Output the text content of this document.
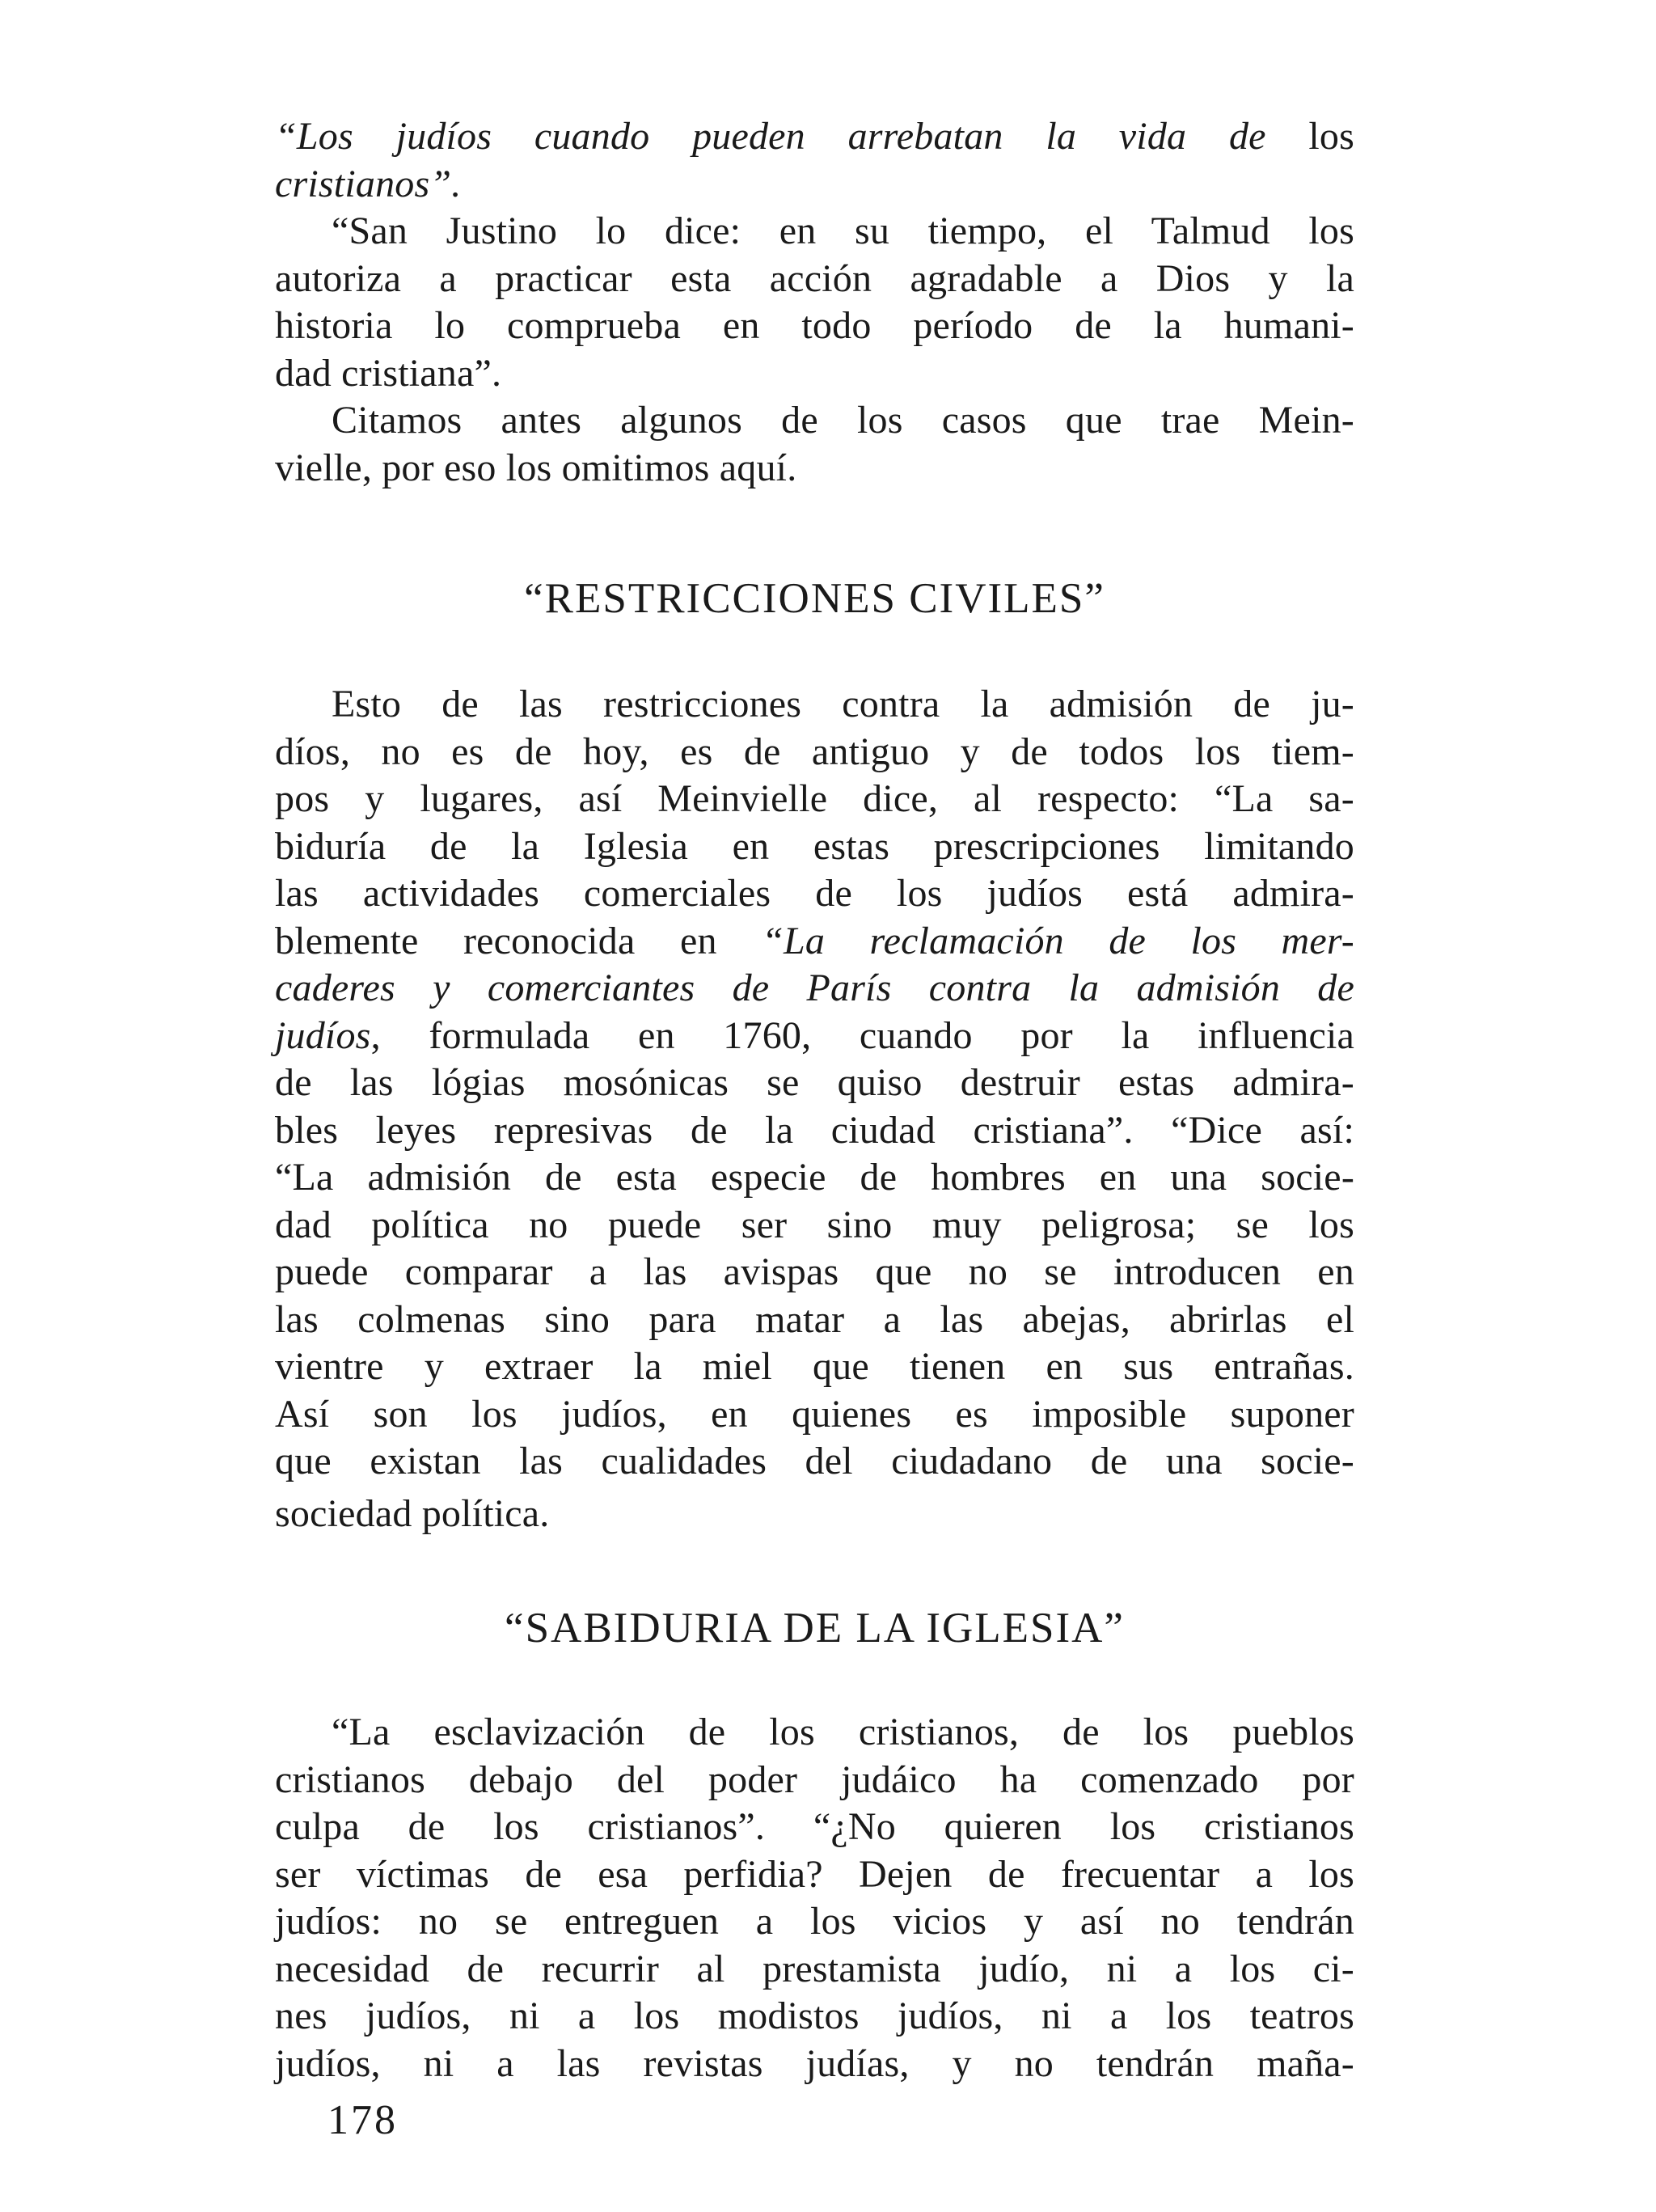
“Los judíos cuando pueden arrebatan la vida de los
cristianos”.
“San Justino lo dice: en su tiempo, el Talmud los
autoriza a practicar esta acción agradable a Dios y la
historia lo comprueba en todo período de la humani-
dad cristiana”.
Citamos antes algunos de los casos que trae Mein-
vielle, por eso los omitimos aquí.
“RESTRICCIONES CIVILES”
Esto de las restricciones contra la admisión de ju-
díos, no es de hoy, es de antiguo y de todos los tiem-
pos y lugares, así Meinvielle dice, al respecto: “La sa-
biduría de la Iglesia en estas prescripciones limitando
las actividades comerciales de los judíos está admira-
blemente reconocida en “La reclamación de los mer-
caderes y comerciantes de París contra la admisión de
judíos, formulada en 1760, cuando por la influencia
de las lógias mosónicas se quiso destruir estas admira-
bles leyes represivas de la ciudad cristiana”. “Dice así:
“La admisión de esta especie de hombres en una socie-
dad política no puede ser sino muy peligrosa; se los
puede comparar a las avispas que no se introducen en
las colmenas sino para matar a las abejas, abrirlas el
vientre y extraer la miel que tienen en sus entrañas.
Así son los judíos, en quienes es imposible suponer
que existan las cualidades del ciudadano de una socie-
sociedad política.
“SABIDURIA DE LA IGLESIA”
“La esclavización de los cristianos, de los pueblos
cristianos debajo del poder judáico ha comenzado por
culpa de los cristianos”. “¿No quieren los cristianos
ser víctimas de esa perfidia? Dejen de frecuentar a los
judíos: no se entreguen a los vicios y así no tendrán
necesidad de recurrir al prestamista judío, ni a los ci-
nes judíos, ni a los modistos judíos, ni a los teatros
judíos, ni a las revistas judías, y no tendrán maña-
178
